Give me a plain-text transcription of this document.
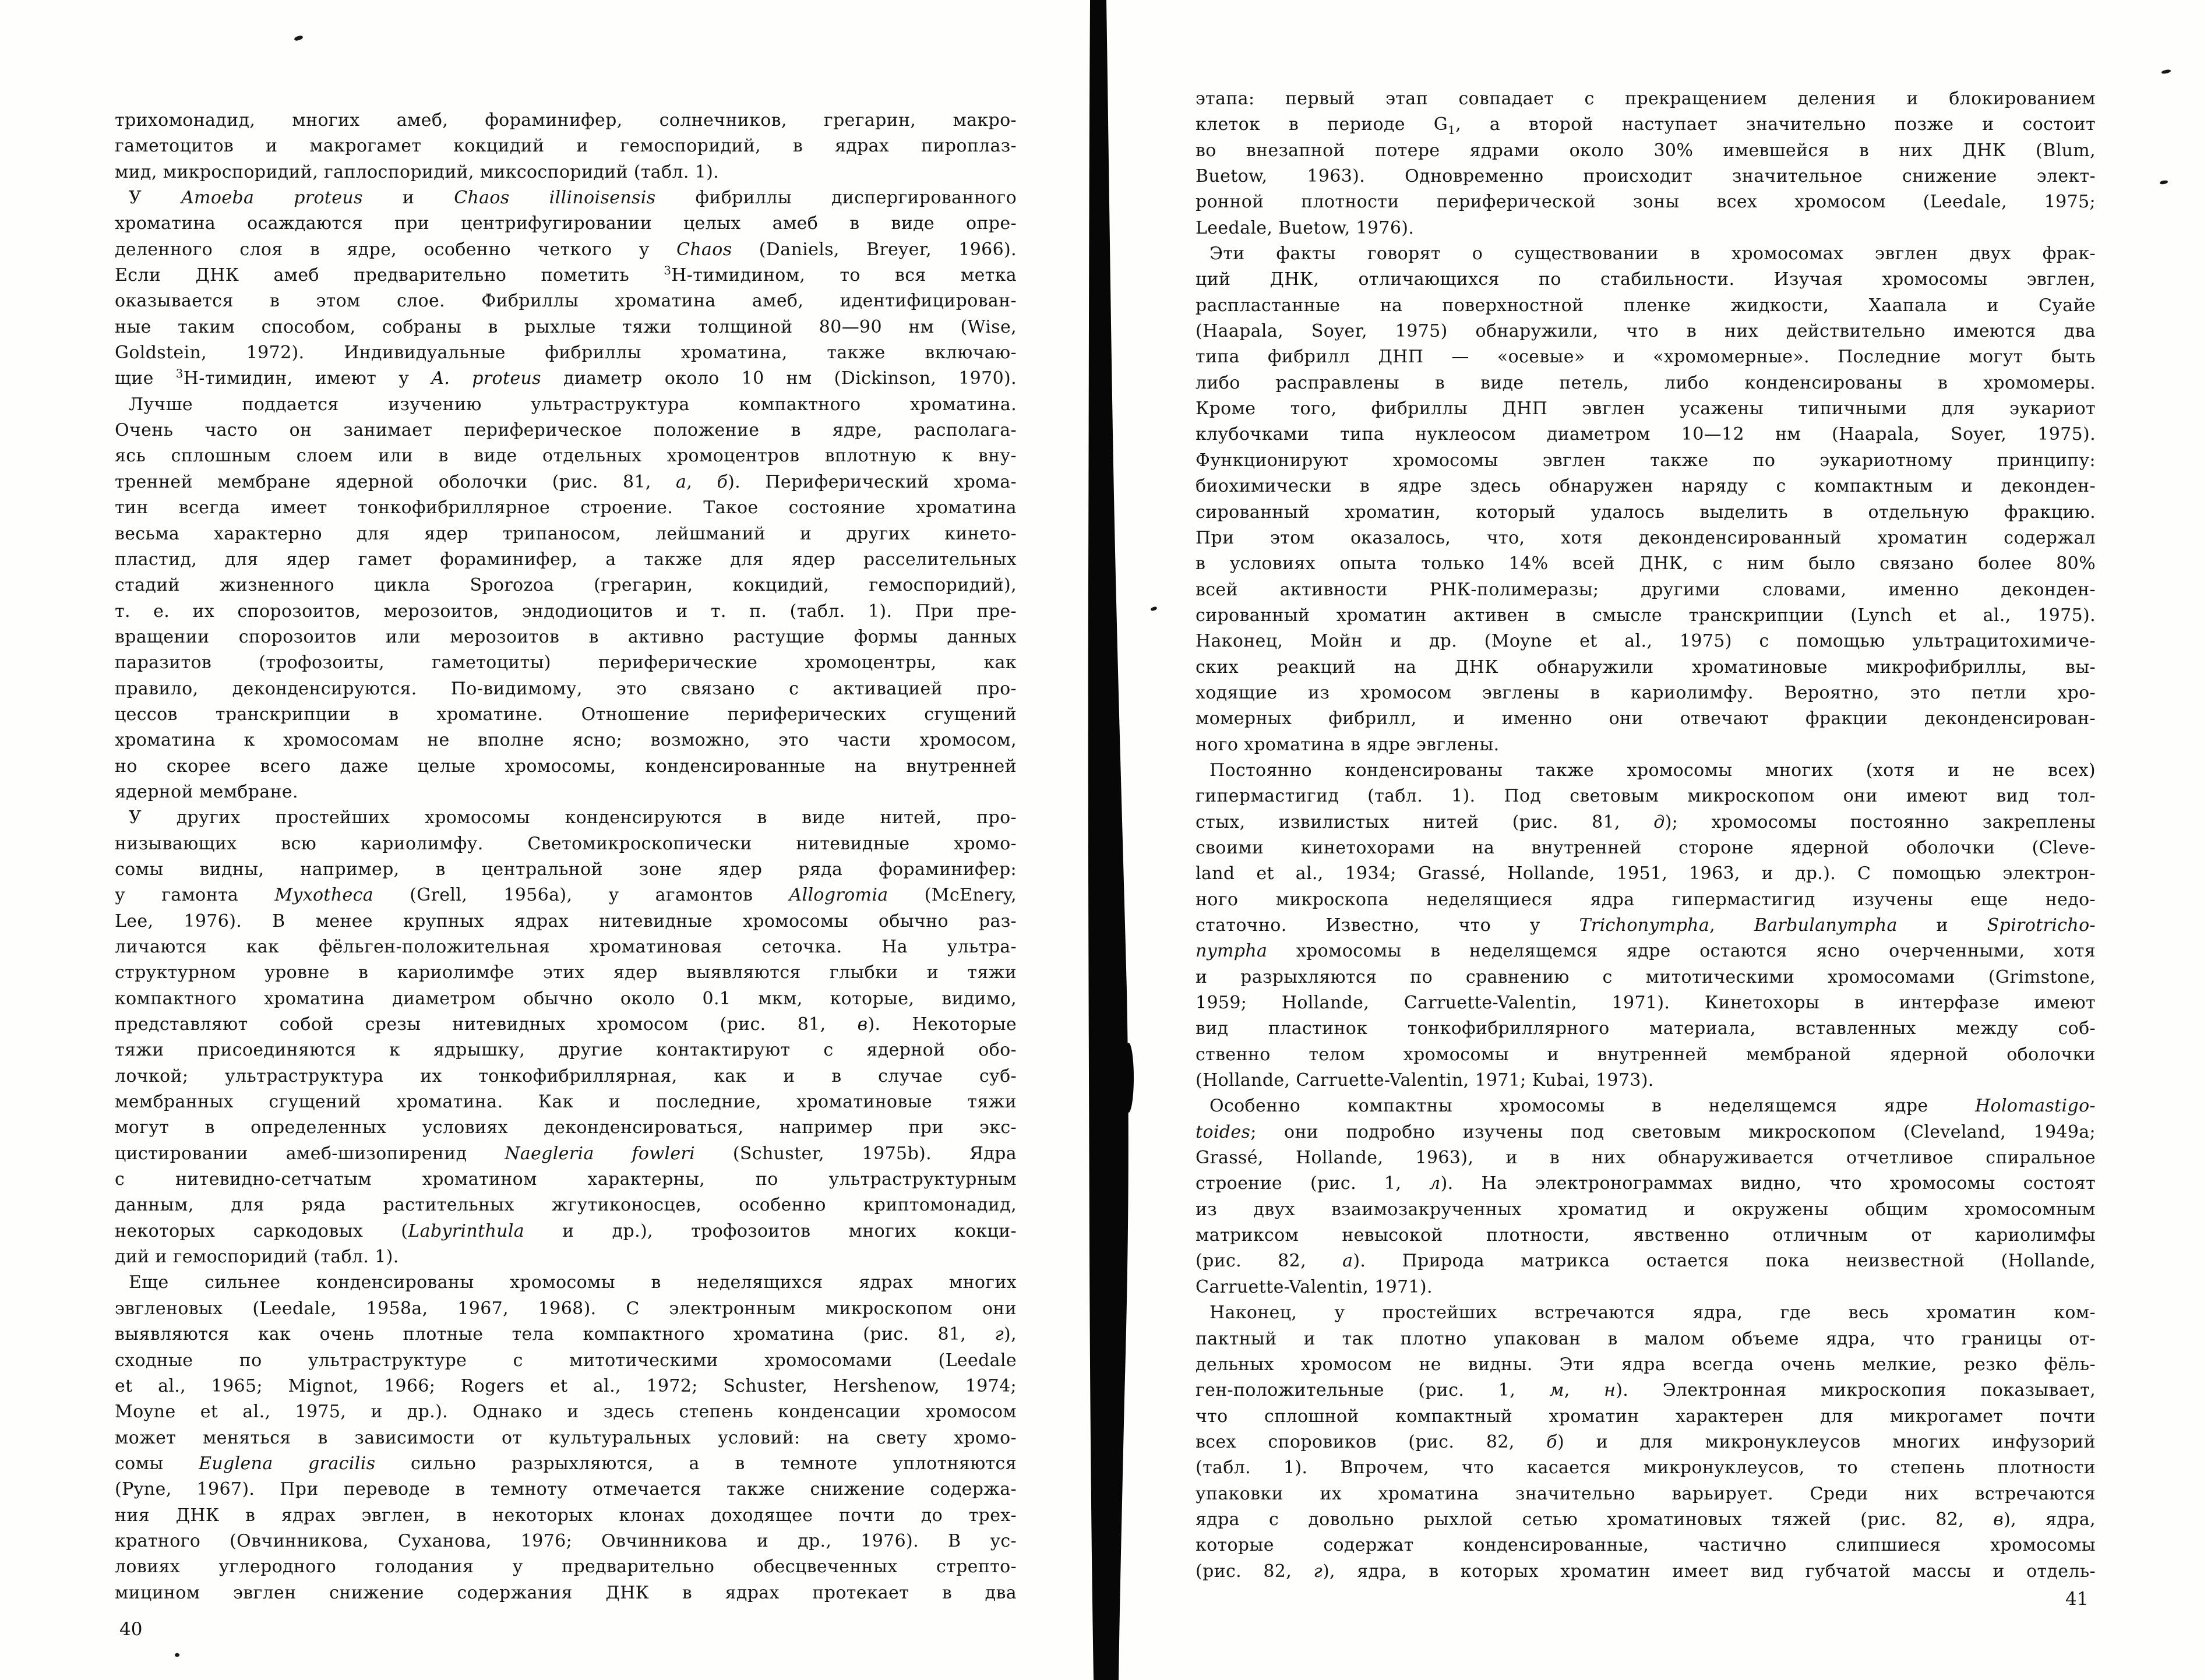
трихомонадид, многих амеб, фораминифер, солнечников, грегарин, макро-
гаметоцитов и макрогамет кокцидий и гемоспоридий, в ядрах пироплаз-
мид, микроспоридий, гаплоспоридий, миксоспоридий (табл. 1).
У Amoeba proteus и Chaos illinoisensis фибриллы диспергированного
хроматина осаждаются при центрифугировании целых амеб в виде опре-
деленного слоя в ядре, особенно четкого у Chaos (Daniels, Breyer, 1966).
Если ДНК амеб предварительно пометить $^3$H-тимидином, то вся метка
оказывается в этом слое. Фибриллы хроматина амеб, идентифицирован-
ные таким способом, собраны в рыхлые тяжи толщиной 80—90 нм (Wise,
Goldstein, 1972). Индивидуальные фибриллы хроматина, также включаю-
щие $^3$H-тимидин, имеют у A. proteus диаметр около 10 нм (Dickinson, 1970).
Лучше поддается изучению ультраструктура компактного хроматина.
Очень часто он занимает периферическое положение в ядре, располага-
ясь сплошным слоем или в виде отдельных хромоцентров вплотную к вну-
тренней мембране ядерной оболочки (рис. 81, а, б). Периферический хрома-
тин всегда имеет тонкофибриллярное строение. Такое состояние хроматина
весьма характерно для ядер трипаносом, лейшманий и других кинето-
пластид, для ядер гамет фораминифер, а также для ядер расселительных
стадий жизненного цикла Sporozoa (грегарин, кокцидий, гемоспоридий),
т. е. их спорозоитов, мерозоитов, эндодиоцитов и т. п. (табл. 1). При пре-
вращении спорозоитов или мерозоитов в активно растущие формы данных
паразитов (трофозоиты, гаметоциты) периферические хромоцентры, как
правило, деконденсируются. По-видимому, это связано с активацией про-
цессов транскрипции в хроматине. Отношение периферических сгущений
хроматина к хромосомам не вполне ясно; возможно, это части хромосом,
но скорее всего даже целые хромосомы, конденсированные на внутренней
ядерной мембране.
У других простейших хромосомы конденсируются в виде нитей, про-
низывающих всю кариолимфу. Светомикроскопически нитевидные хромо-
сомы видны, например, в центральной зоне ядер ряда фораминифер:
у гамонта Myxotheca (Grell, 1956a), у агамонтов Allogromia (McEnery,
Lee, 1976). В менее крупных ядрах нитевидные хромосомы обычно раз-
личаются как фёльген-положительная хроматиновая сеточка. На ультра-
структурном уровне в кариолимфе этих ядер выявляются глыбки и тяжи
компактного хроматина диаметром обычно около 0.1 мкм, которые, видимо,
представляют собой срезы нитевидных хромосом (рис. 81, в). Некоторые
тяжи присоединяются к ядрышку, другие контактируют с ядерной обо-
лочкой; ультраструктура их тонкофибриллярная, как и в случае суб-
мембранных сгущений хроматина. Как и последние, хроматиновые тяжи
могут в определенных условиях деконденсироваться, например при экс-
цистировании амеб-шизопиренид Naegleria fowleri (Schuster, 1975b). Ядра
с нитевидно-сетчатым хроматином характерны, по ультраструктурным
данным, для ряда растительных жгутиконосцев, особенно криптомонадид,
некоторых саркодовых (Labyrinthula и др.), трофозоитов многих кокци-
дий и гемоспоридий (табл. 1).
Еще сильнее конденсированы хромосомы в неделящихся ядрах многих
эвгленовых (Leedale, 1958a, 1967, 1968). С электронным микроскопом они
выявляются как очень плотные тела компактного хроматина (рис. 81, г),
сходные по ультраструктуре с митотическими хромосомами (Leedale
et al., 1965; Mignot, 1966; Rogers et al., 1972; Schuster, Hershenow, 1974;
Moyne et al., 1975, и др.). Однако и здесь степень конденсации хромосом
может меняться в зависимости от культуральных условий: на свету хромо-
сомы Euglena gracilis сильно разрыхляются, а в темноте уплотняются
(Pyne, 1967). При переводе в темноту отмечается также снижение содержа-
ния ДНК в ядрах эвглен, в некоторых клонах доходящее почти до трех-
кратного (Овчинникова, Суханова, 1976; Овчинникова и др., 1976). В ус-
ловиях углеродного голодания у предварительно обесцвеченных стрепто-
мицином эвглен снижение содержания ДНК в ядрах протекает в два
этапа: первый этап совпадает с прекращением деления и блокированием
клеток в периоде $G_1$, а второй наступает значительно позже и состоит
во внезапной потере ядрами около 30% имевшейся в них ДНК (Blum,
Buetow, 1963). Одновременно происходит значительное снижение элект-
ронной плотности периферической зоны всех хромосом (Leedale, 1975;
Leedale, Buetow, 1976).
Эти факты говорят о существовании в хромосомах эвглен двух фрак-
ций ДНК, отличающихся по стабильности. Изучая хромосомы эвглен,
распластанные на поверхностной пленке жидкости, Хаапала и Суайе
(Haapala, Soyer, 1975) обнаружили, что в них действительно имеются два
типа фибрилл ДНП — «осевые» и «хромомерные». Последние могут быть
либо расправлены в виде петель, либо конденсированы в хромомеры.
Кроме того, фибриллы ДНП эвглен усажены типичными для эукариот
клубочками типа нуклеосом диаметром 10—12 нм (Haapala, Soyer, 1975).
Функционируют хромосомы эвглен также по эукариотному принципу:
биохимически в ядре здесь обнаружен наряду с компактным и деконден-
сированный хроматин, который удалось выделить в отдельную фракцию.
При этом оказалось, что, хотя деконденсированный хроматин содержал
в условиях опыта только 14% всей ДНК, с ним было связано более 80%
всей активности РНК-полимеразы; другими словами, именно деконден-
сированный хроматин активен в смысле транскрипции (Lynch et al., 1975).
Наконец, Мойн и др. (Moyne et al., 1975) с помощью ультрацитохимиче-
ских реакций на ДНК обнаружили хроматиновые микрофибриллы, вы-
ходящие из хромосом эвглены в кариолимфу. Вероятно, это петли хро-
момерных фибрилл, и именно они отвечают фракции деконденсирован-
ного хроматина в ядре эвглены.
Постоянно конденсированы также хромосомы многих (хотя и не всех)
гипермастигид (табл. 1). Под световым микроскопом они имеют вид тол-
стых, извилистых нитей (рис. 81, д); хромосомы постоянно закреплены
своими кинетохорами на внутренней стороне ядерной оболочки (Cleve-
land et al., 1934; Grassé, Hollande, 1951, 1963, и др.). С помощью электрон-
ного микроскопа неделящиеся ядра гипермастигид изучены еще недо-
статочно. Известно, что у Trichonympha, Barbulanympha и Spirotricho-
nympha хромосомы в неделящемся ядре остаются ясно очерченными, хотя
и разрыхляются по сравнению с митотическими хромосомами (Grimstone,
1959; Hollande, Carruette-Valentin, 1971). Кинетохоры в интерфазе имеют
вид пластинок тонкофибриллярного материала, вставленных между соб-
ственно телом хромосомы и внутренней мембраной ядерной оболочки
(Hollande, Carruette-Valentin, 1971; Kubai, 1973).
Особенно компактны хромосомы в неделящемся ядре Holomastigo-
toides; они подробно изучены под световым микроскопом (Cleveland, 1949a;
Grassé, Hollande, 1963), и в них обнаруживается отчетливое спиральное
строение (рис. 1, л). На электронограммах видно, что хромосомы состоят
из двух взаимозакрученных хроматид и окружены общим хромосомным
матриксом невысокой плотности, явственно отличным от кариолимфы
(рис. 82, а). Природа матрикса остается пока неизвестной (Hollande,
Carruette-Valentin, 1971).
Наконец, у простейших встречаются ядра, где весь хроматин ком-
пактный и так плотно упакован в малом объеме ядра, что границы от-
дельных хромосом не видны. Эти ядра всегда очень мелкие, резко фёль-
ген-положительные (рис. 1, м, н). Электронная микроскопия показывает,
что сплошной компактный хроматин характерен для микрогамет почти
всех споровиков (рис. 82, б) и для микронуклеусов многих инфузорий
(табл. 1). Впрочем, что касается микронуклеусов, то степень плотности
упаковки их хроматина значительно варьирует. Среди них встречаются
ядра с довольно рыхлой сетью хроматиновых тяжей (рис. 82, в), ядра,
которые содержат конденсированные, частично слипшиеся хромосомы
(рис. 82, г), ядра, в которых хроматин имеет вид губчатой массы и отдель-
40
41
